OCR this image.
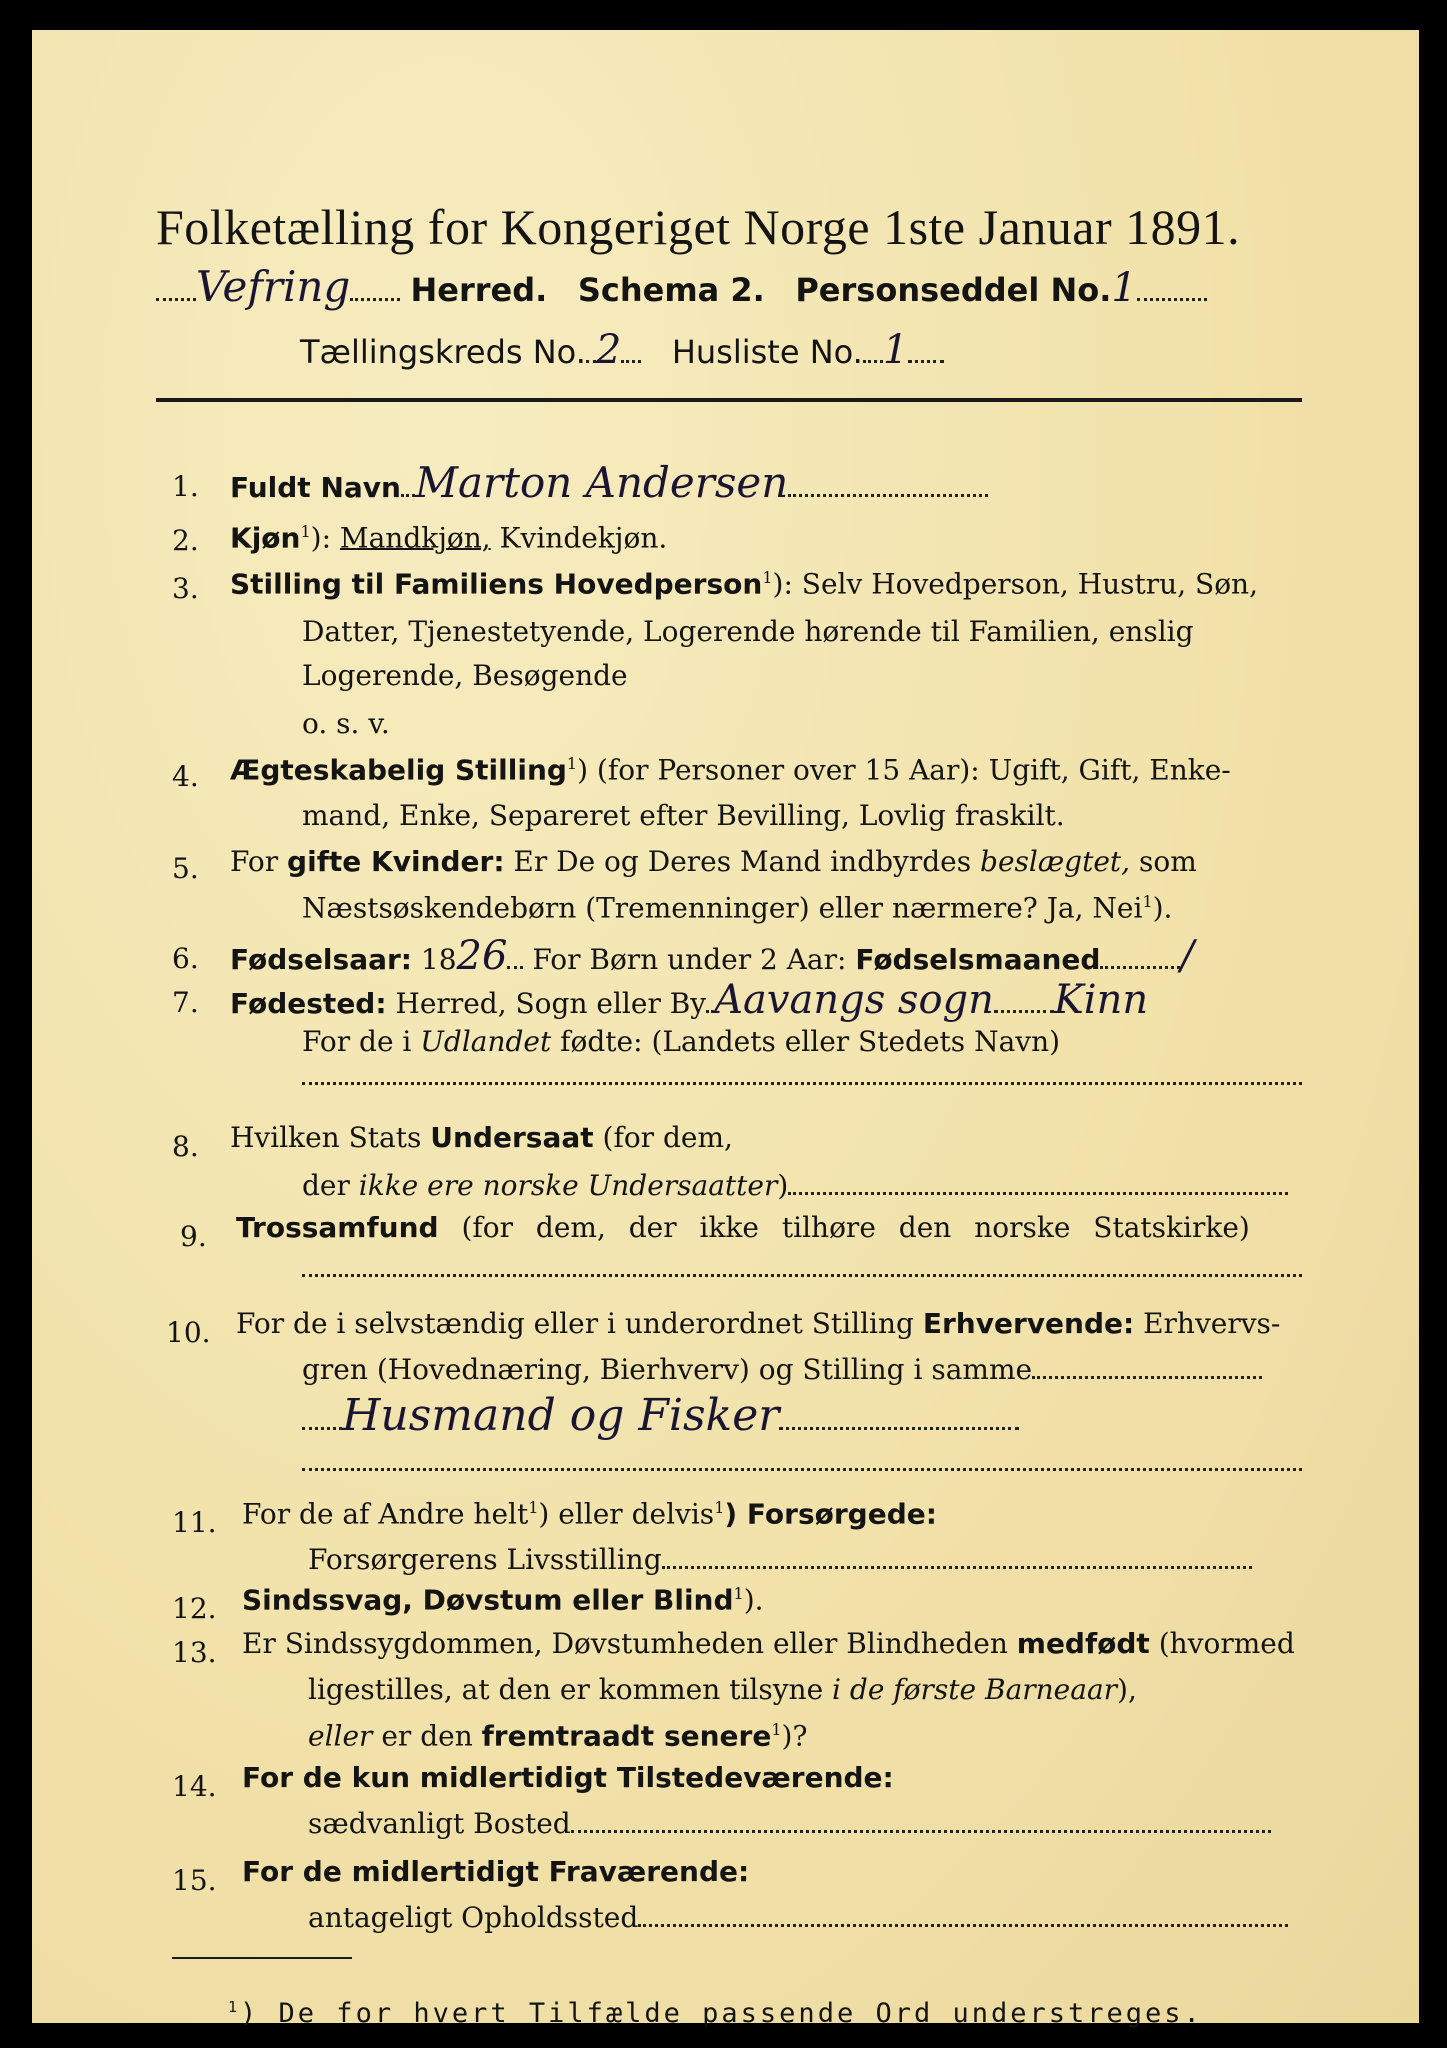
Folketælling for Kongeriget Norge 1ste Januar 1891.
Vefring Herred. Schema 2. Personseddel No.1
Tællingskreds No. 2 Husliste No. 1
1. Fuldt Navn Marton Andersen
2. Kjøn$^1$): Mandkjøn, Kvindekjøn.
3. Stilling til Familiens Hovedperson$^1$): Selv Hovedperson, Hustru, Søn,
Datter, Tjenestetyende, Logerende hørende til Familien, enslig
Logerende, Besøgende
o. s. v.
4. Ægteskabelig Stilling$^1$) (for Personer over 15 Aar): Ugift, Gift, Enke-
mand, Enke, Separeret efter Bevilling, Lovlig fraskilt.
5. For gifte Kvinder: Er De og Deres Mand indbyrdes beslægtet, som
Næstsøskendebørn (Tremenninger) eller nærmere? Ja, Nei$^1$).
6. Fødselsaar: 1826 For Børn under 2 Aar: Fødselsmaaned /
7. Fødested: Herred, Sogn eller By Aavangs sogn Kinn
For de i Udlandet fødte: (Landets eller Stedets Navn)
8. Hvilken Stats Undersaat (for dem,
der ikke ere norske Undersaatter)
9. Trossamfund (for dem, der ikke tilhøre den norske Statskirke)
10. For de i selvstændig eller i underordnet Stilling Erhvervende: Erhvervs-
gren (Hovednæring, Bierhverv) og Stilling i samme
Husmand og Fisker
11. For de af Andre helt$^1$) eller delvis$^1$) Forsørgede:
Forsørgerens Livsstilling
12. Sindssvag, Døvstum eller Blind$^1$).
13. Er Sindssygdommen, Døvstumheden eller Blindheden medfødt (hvormed
ligestilles, at den er kommen tilsyne i de første Barneaar),
eller er den fremtraadt senere$^1$)?
14. For de kun midlertidigt Tilstedeværende:
sædvanligt Bosted
15. For de midlertidigt Fraværende:
antageligt Opholdssted
$^1$) De for hvert Tilfælde passende Ord understreges.
